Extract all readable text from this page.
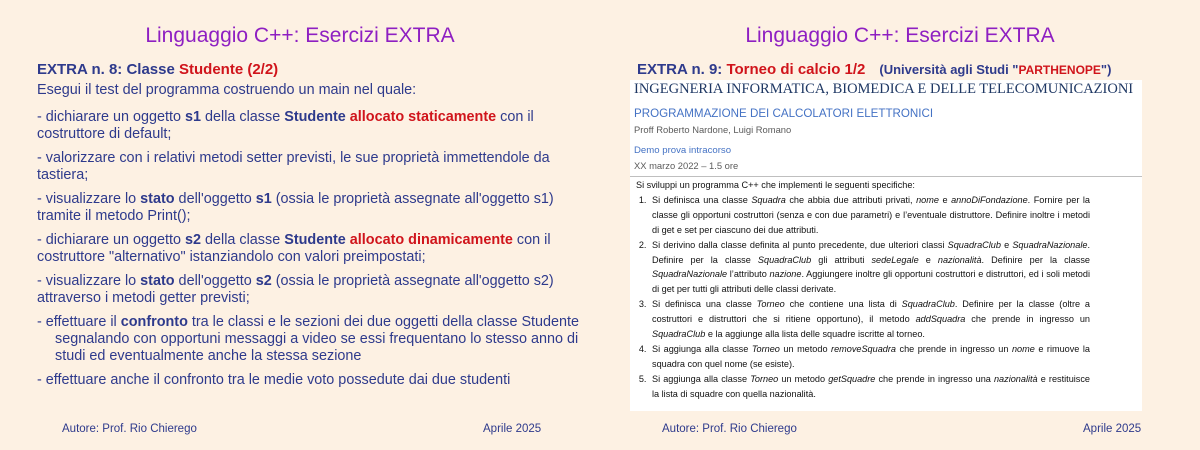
Linguaggio C++: Esercizi EXTRA
EXTRA n. 8: Classe Studente (2/2)

Esegui il test del programma costruendo un main nel quale:

- dichiarare un oggetto s1 della classe Studente allocato staticamente con il costruttore di default;

- valorizzare con i relativi metodi setter previsti, le sue proprietà immettendole da tastiera;

- visualizzare lo stato dell'oggetto s1 (ossia le proprietà assegnate all'oggetto s1) tramite il metodo Print();

- dichiarare un oggetto s2 della classe Studente allocato dinamicamente con il costruttore "alternativo" istanziandolo con valori preimpostati;

- visualizzare lo stato dell'oggetto s2 (ossia le proprietà assegnate all'oggetto s2) attraverso i metodi getter previsti;

- effettuare il confronto tra le classi e le sezioni dei due oggetti della classe Studente segnalando con opportuni messaggi a video se essi frequentano lo stesso anno di studi ed eventualmente anche la stessa sezione

- effettuare anche il confronto tra le medie voto possedute dai due studenti

Autore: Prof. Rio Chierego	Aprile 2025
Linguaggio C++: Esercizi EXTRA
EXTRA n. 9: Torneo di calcio 1/2 (Università agli Studi "PARTHENOPE")
INGEGNERIA INFORMATICA, BIOMEDICA E DELLE TELECOMUNICAZIONI
PROGRAMMAZIONE DEI CALCOLATORI ELETTRONICI
Proff Roberto Nardone, Luigi Romano
Demo prova intracorso
XX marzo 2022 – 1.5 ore

Si sviluppi un programma C++ che implementi le seguenti specifiche:

1. Si definisca una classe Squadra che abbia due attributi privati, nome e annoDiFondazione. Fornire per la classe gli opportuni costruttori (senza e con due parametri) e l’eventuale distruttore. Definire inoltre i metodi di get e set per ciascuno dei due attributi.
2. Si derivino dalla classe definita al punto precedente, due ulteriori classi SquadraClub e SquadraNazionale. Definire per la classe SquadraClub gli attributi sedeLegale e nazionalità. Definire per la classe SquadraNazionale l’attributo nazione. Aggiungere inoltre gli opportuni costruttori e distruttori, ed i soli metodi di get per tutti gli attributi delle classi derivate.
3. Si definisca una classe Torneo che contiene una lista di SquadraClub. Definire per la classe (oltre a costruttori e distruttori che si ritiene opportuno), il metodo addSquadra che prende in ingresso un SquadraClub e la aggiunge alla lista delle squadre iscritte al torneo.
4. Si aggiunga alla classe Torneo un metodo removeSquadra che prende in ingresso un nome e rimuove la squadra con quel nome (se esiste).
5. Si aggiunga alla classe Torneo un metodo getSquadre che prende in ingresso una nazionalità e restituisce la lista di squadre con quella nazionalità.
Autore: Prof. Rio Chierego	Aprile 2025
